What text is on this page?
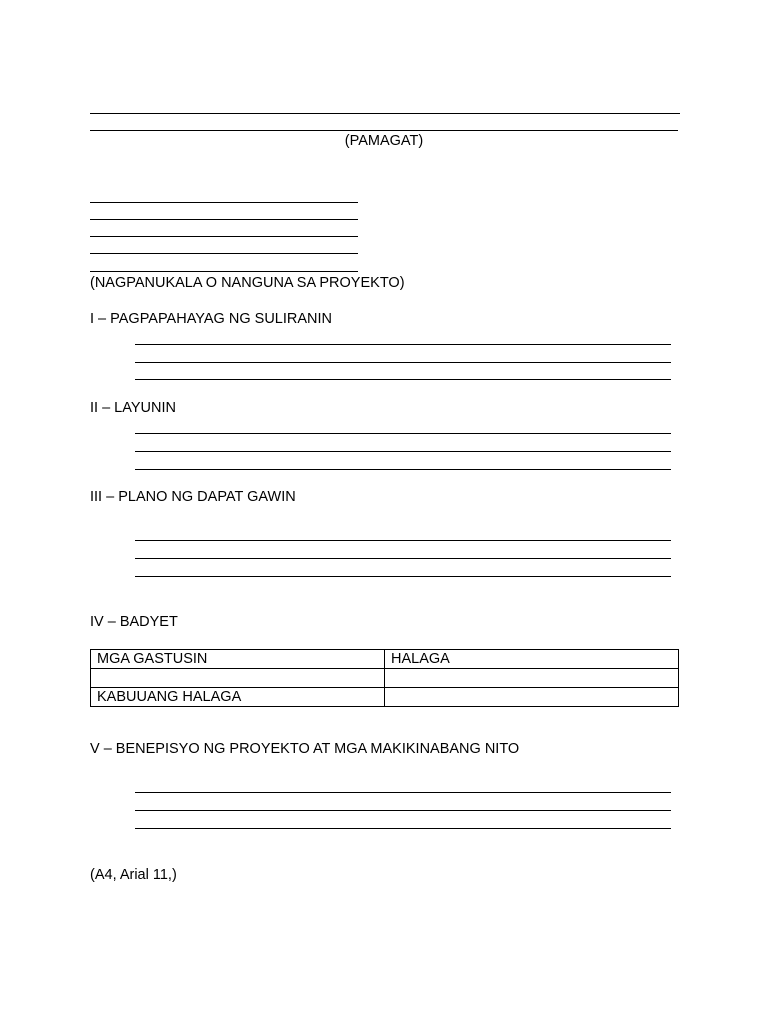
(PAMAGAT)
(NAGPANUKALA O NANGUNA SA PROYEKTO)
I – PAGPAPAHAYAG NG SULIRANIN
II – LAYUNIN
III – PLANO NG DAPAT GAWIN
IV – BADYET
MGA GASTUSIN	HALAGA

KABUUANG HALAGA	
V – BENEPISYO NG PROYEKTO AT MGA MAKIKINABANG NITO
(A4, Arial 11,)
